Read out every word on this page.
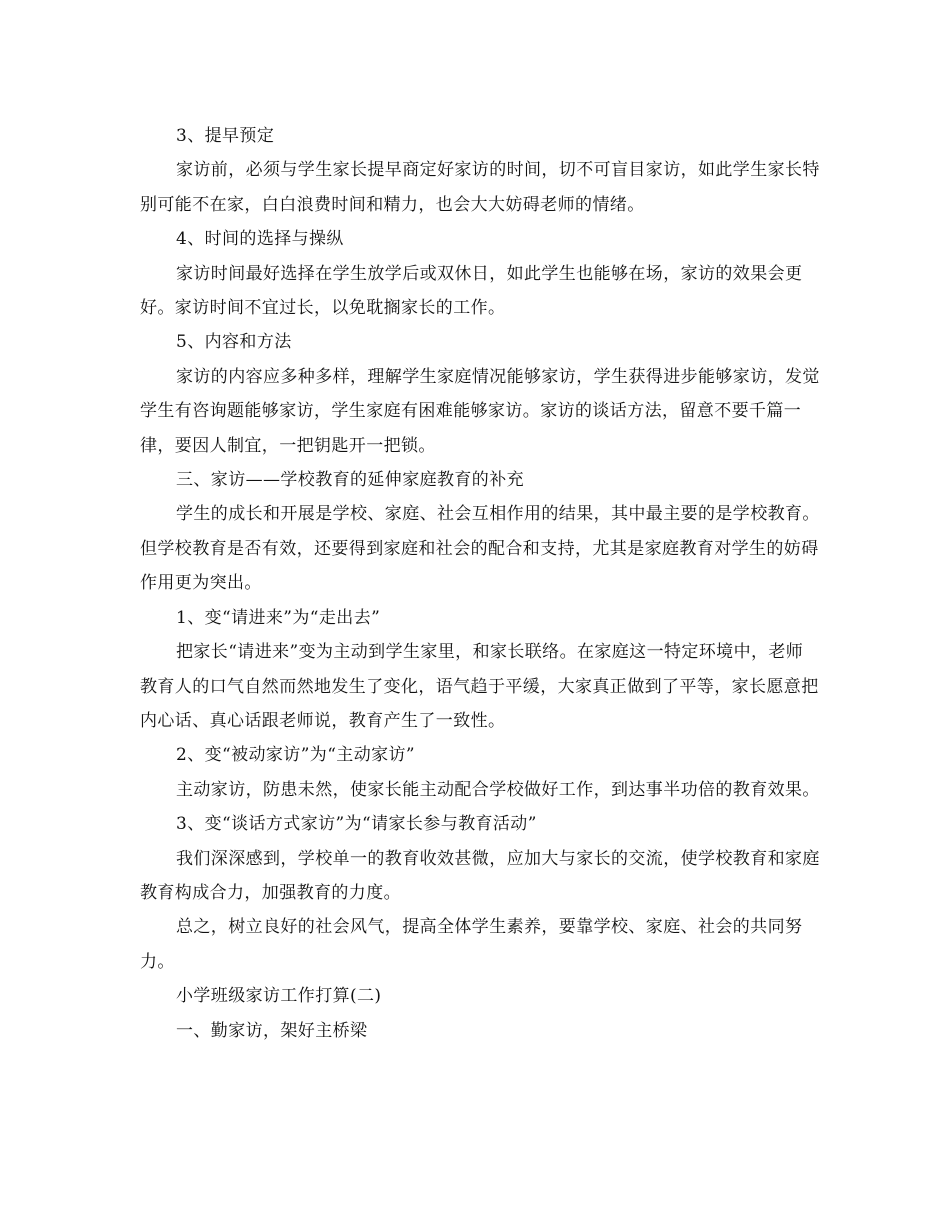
3、提早预定

家访前，必须与学生家长提早商定好家访的时间，切不可盲目家访，如此学生家长特别可能不在家，白白浪费时间和精力，也会大大妨碍老师的情绪。

4、时间的选择与操纵

家访时间最好选择在学生放学后或双休日，如此学生也能够在场，家访的效果会更好。家访时间不宜过长，以免耽搁家长的工作。

5、内容和方法

家访的内容应多种多样，理解学生家庭情况能够家访，学生获得进步能够家访，发觉学生有咨询题能够家访，学生家庭有困难能够家访。家访的谈话方法，留意不要千篇一律，要因人制宜，一把钥匙开一把锁。

三、家访——学校教育的延伸家庭教育的补充

学生的成长和开展是学校、家庭、社会互相作用的结果，其中最主要的是学校教育。但学校教育是否有效，还要得到家庭和社会的配合和支持，尤其是家庭教育对学生的妨碍作用更为突出。

1、变“请进来”为“走出去”

把家长“请进来”变为主动到学生家里，和家长联络。在家庭这一特定环境中，老师教育人的口气自然而然地发生了变化，语气趋于平缓，大家真正做到了平等，家长愿意把内心话、真心话跟老师说，教育产生了一致性。

2、变“被动家访”为“主动家访”

主动家访，防患未然，使家长能主动配合学校做好工作，到达事半功倍的教育效果。

3、变“谈话方式家访”为“请家长参与教育活动”

我们深深感到，学校单一的教育收效甚微，应加大与家长的交流，使学校教育和家庭教育构成合力，加强教育的力度。

总之，树立良好的社会风气，提高全体学生素养，要靠学校、家庭、社会的共同努力。

小学班级家访工作打算(二)

一、勤家访，架好主桥梁
